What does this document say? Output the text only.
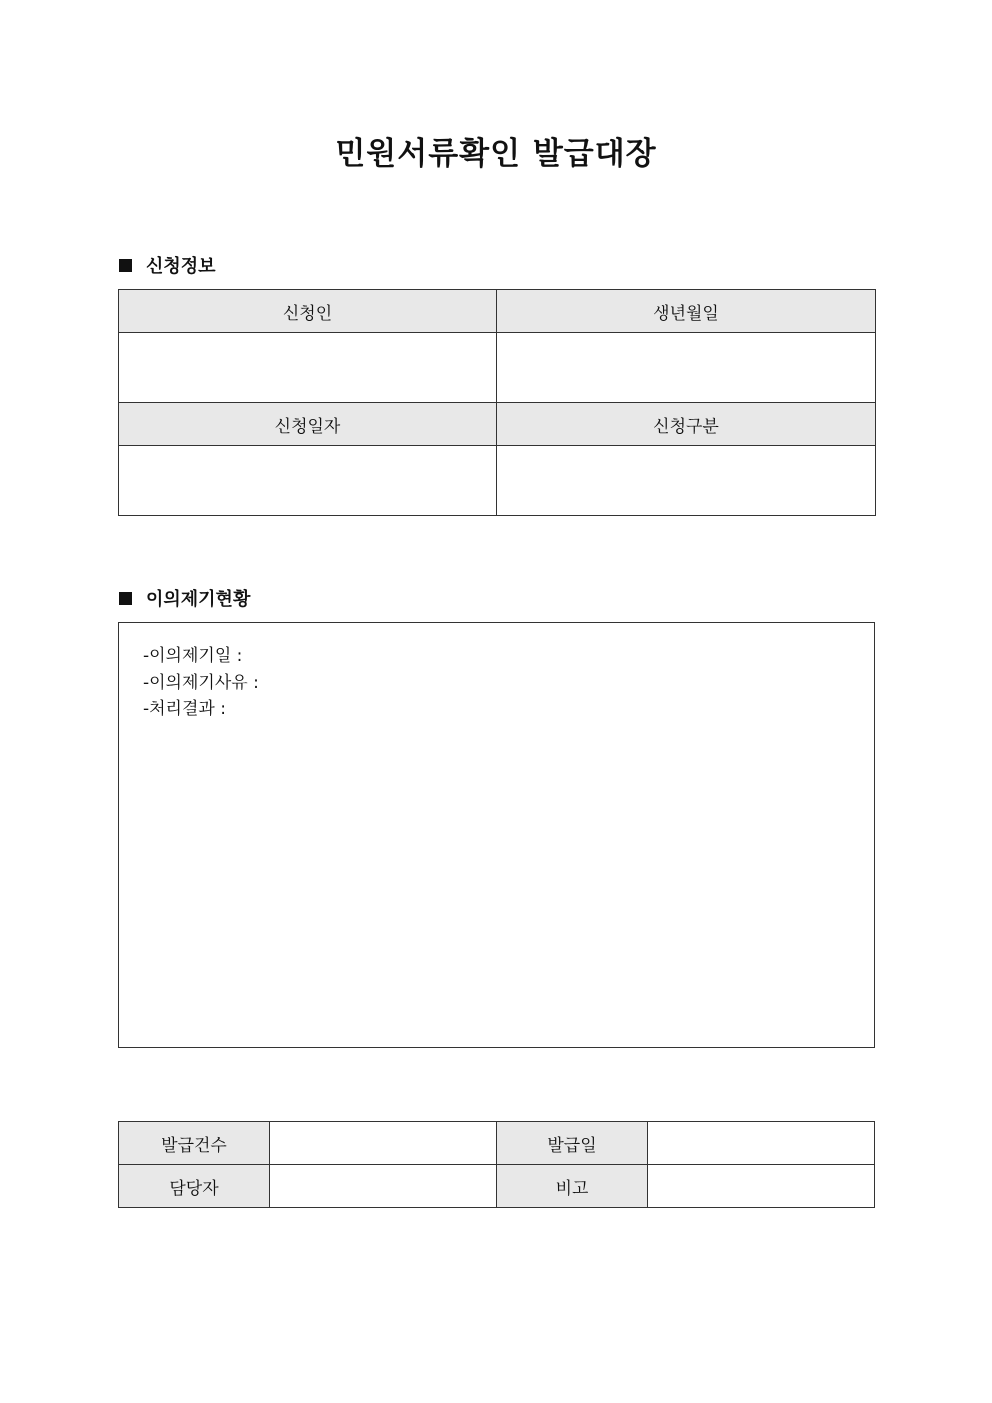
민원서류확인 발급대장
신청정보
신청인	생년월일

신청일자	신청구분

이의제기현황
-이의제기일 :
-이의제기사유 :
-처리결과 :
발급건수		발급일	
담당자		비고	
